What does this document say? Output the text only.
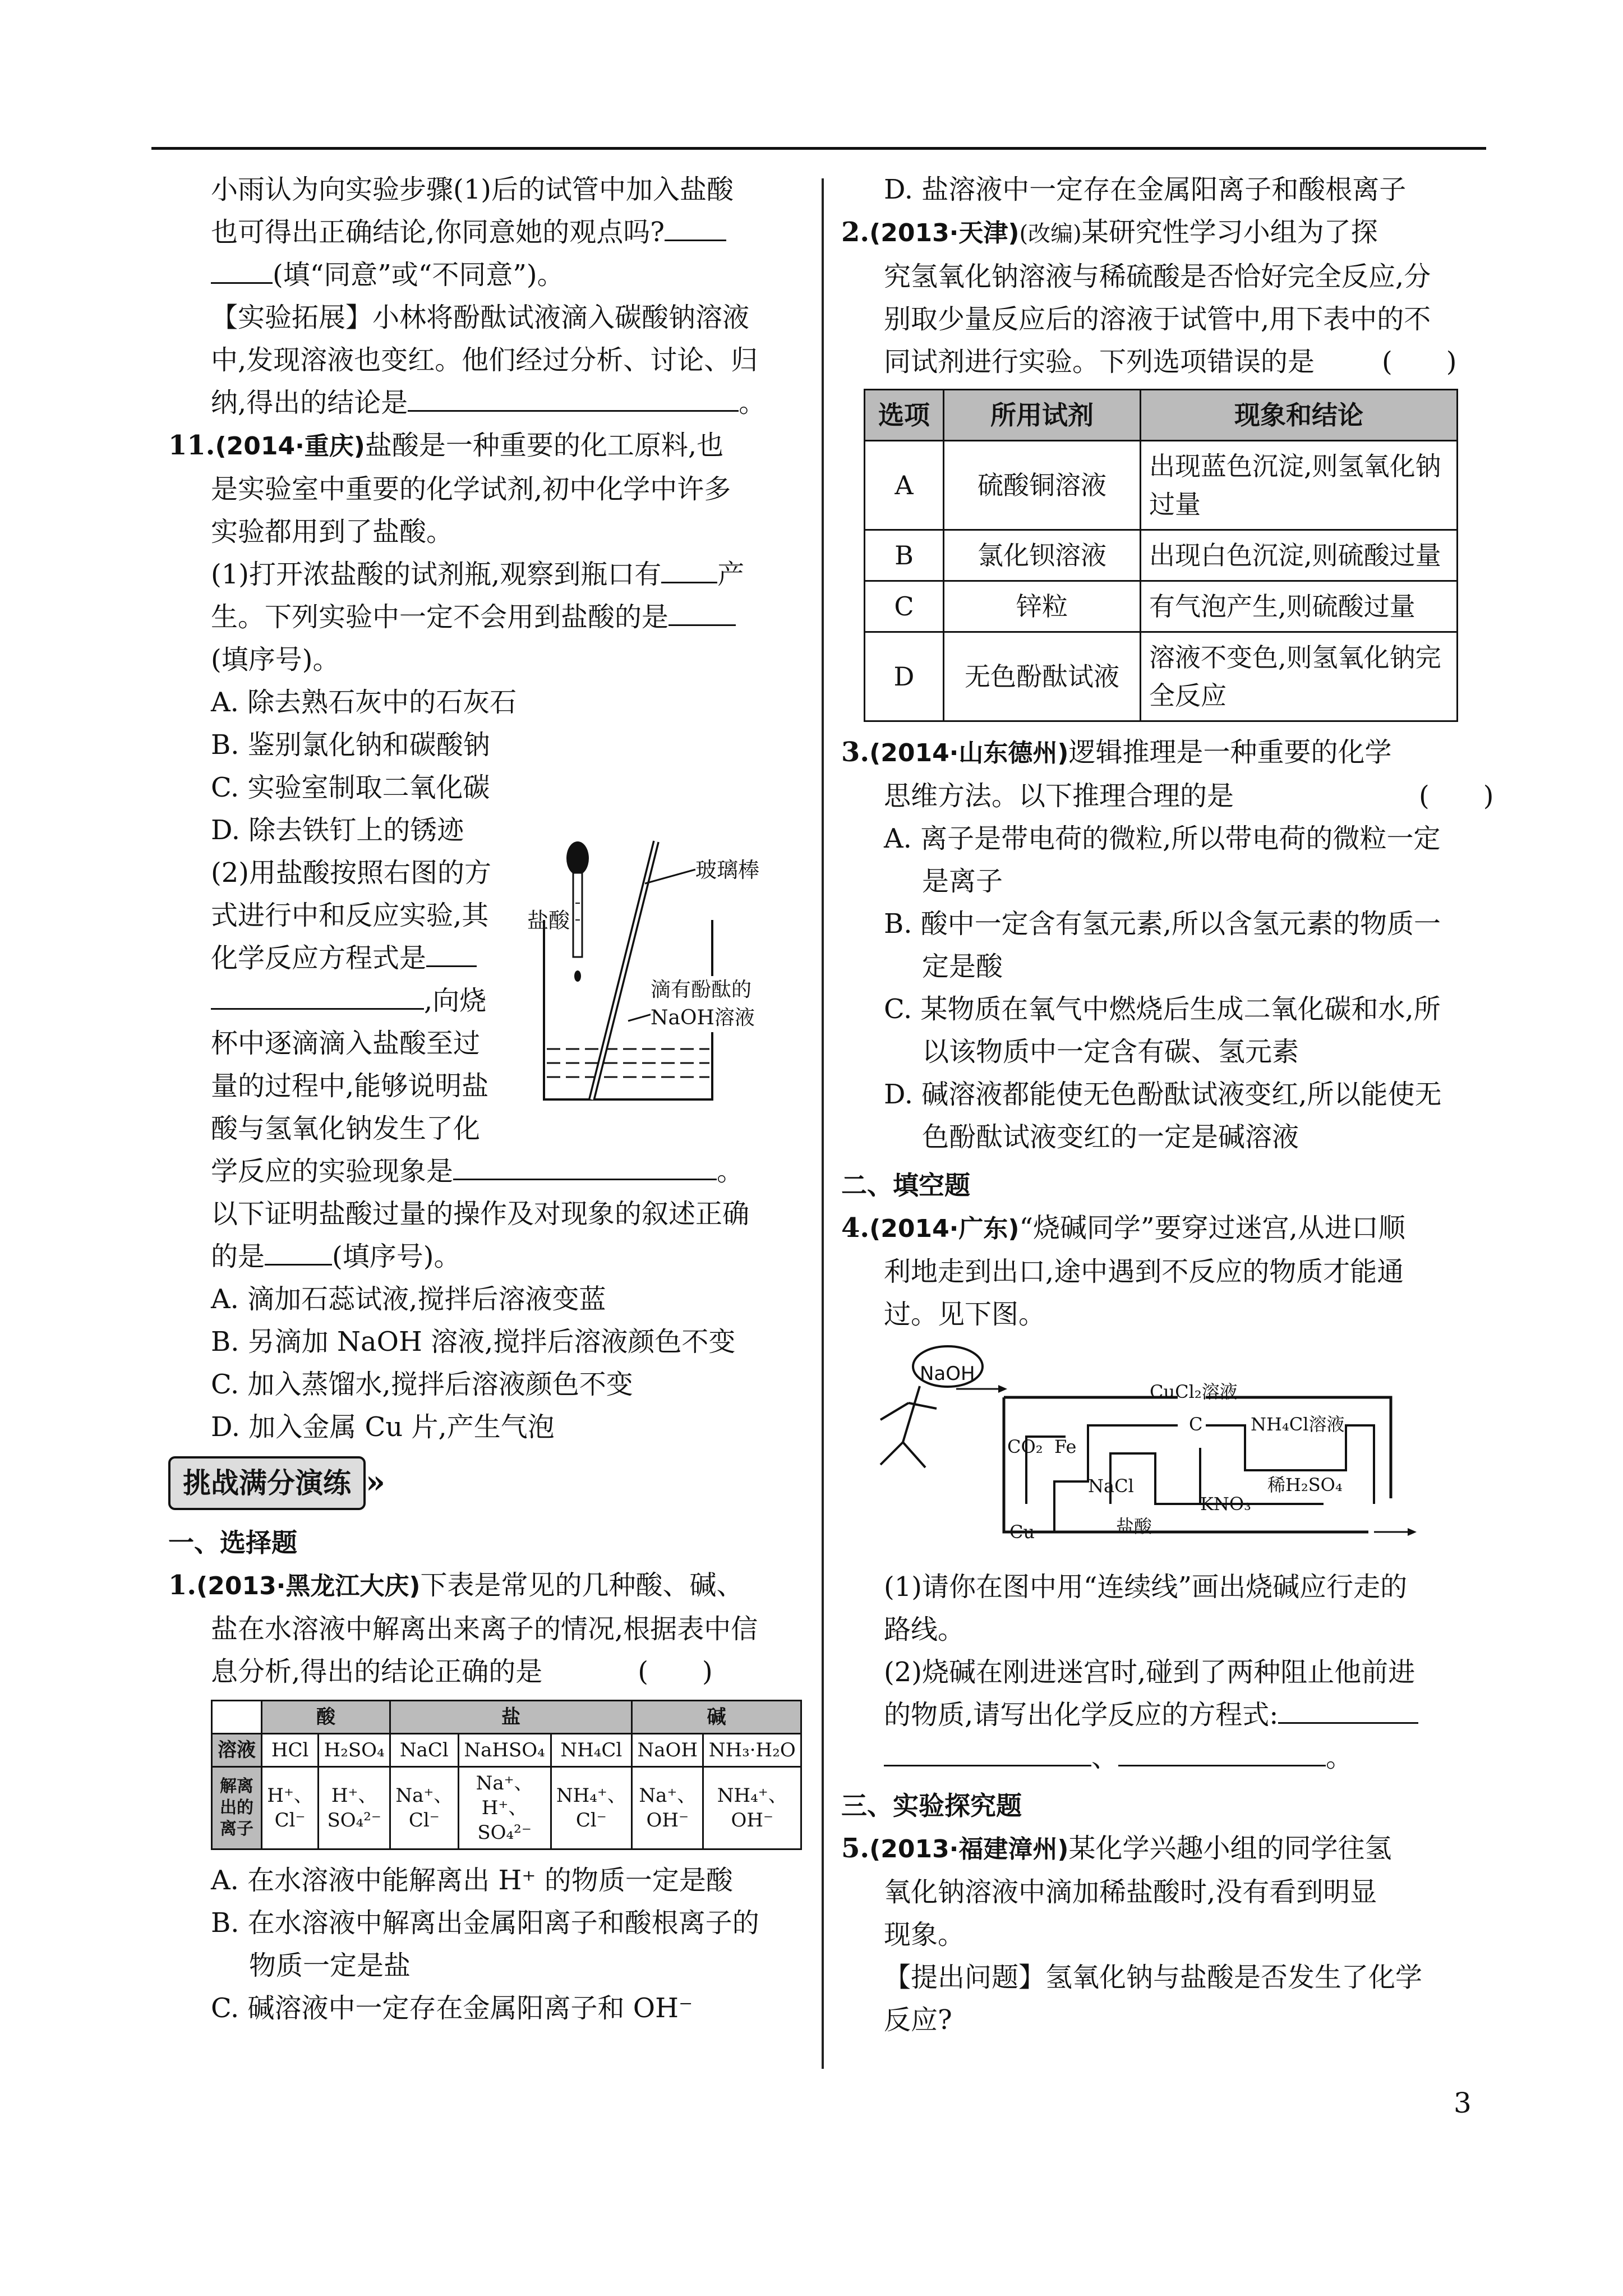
小雨认为向实验步骤(1)后的试管中加入盐酸
也可得出正确结论,你同意她的观点吗?
(填“同意”或“不同意”)。
【实验拓展】小林将酚酞试液滴入碳酸钠溶液
中,发现溶液也变红。他们经过分析、讨论、归
纳,得出的结论是	。
11.(2014·重庆)盐酸是一种重要的化工原料,也
是实验室中重要的化学试剂,初中化学中许多
实验都用到了盐酸。
(1)打开浓盐酸的试剂瓶,观察到瓶口有 产
生。下列实验中一定不会用到盐酸的是
(填序号)。
A. 除去熟石灰中的石灰石
B. 鉴别氯化钠和碳酸钠
C. 实验室制取二氧化碳
D. 除去铁钉上的锈迹
(2)用盐酸按照右图的方
式进行中和反应实验,其
化学反应方程式是
,向烧
杯中逐滴滴入盐酸至过
量的过程中,能够说明盐
酸与氢氧化钠发生了化
学反应的实验现象是	。
以下证明盐酸过量的操作及对现象的叙述正确
的是	(填序号)。
A. 滴加石蕊试液,搅拌后溶液变蓝
B. 另滴加 NaOH 溶液,搅拌后溶液颜色不变
C. 加入蒸馏水,搅拌后溶液颜色不变
D. 加入金属 Cu 片,产生气泡
挑战满分演练 »
一、选择题
1.(2013·黑龙江大庆)下表是常见的几种酸、碱、
盐在水溶液中解离出来离子的情况,根据表中信
息分析,得出的结论正确的是	(　　)
	酸		盐			碱	
溶液	HCl	H₂SO₄	NaCl	NaHSO₄	NH₄Cl	NaOH	NH₃·H₂O
解离出的离子	H⁺、Cl⁻	H⁺、SO₄²⁻	Na⁺、Cl⁻	Na⁺、H⁺、SO₄²⁻	NH₄⁺、Cl⁻	Na⁺、OH⁻	NH₄⁺、OH⁻
A. 在水溶液中能解离出 H⁺ 的物质一定是酸
B. 在水溶液中解离出金属阳离子和酸根离子的
物质一定是盐
C. 碱溶液中一定存在金属阳离子和 OH⁻
盐酸
玻璃棒
滴有酚酞的
NaOH溶液
D. 盐溶液中一定存在金属阳离子和酸根离子
2.(2013·天津)(改编)某研究性学习小组为了探
究氢氧化钠溶液与稀硫酸是否恰好完全反应,分
别取少量反应后的溶液于试管中,用下表中的不
同试剂进行实验。下列选项错误的是	(　　)
选项	所用试剂	现象和结论
A	硫酸铜溶液	出现蓝色沉淀,则氢氧化钠过量
B	氯化钡溶液	出现白色沉淀,则硫酸过量
C	锌粒	有气泡产生,则硫酸过量
D	无色酚酞试液	溶液不变色,则氢氧化钠完全反应
3.(2014·山东德州)逻辑推理是一种重要的化学
思维方法。以下推理合理的是	(　　)
A. 离子是带电荷的微粒,所以带电荷的微粒一定
是离子
B. 酸中一定含有氢元素,所以含氢元素的物质一
定是酸
C. 某物质在氧气中燃烧后生成二氧化碳和水,所
以该物质中一定含有碳、氢元素
D. 碱溶液都能使无色酚酞试液变红,所以能使无
色酚酞试液变红的一定是碱溶液
二、填空题
4.(2014·广东)“烧碱同学”要穿过迷宫,从进口顺
利地走到出口,途中遇到不反应的物质才能通
过。见下图。
NaOH
CuCl₂溶液
C	NH₄Cl溶液
CO₂ Fe
NaCl	稀H₂SO₄
KNO₃
盐酸
Cu
(1)请你在图中用“连续线”画出烧碱应行走的
路线。
(2)烧碱在刚进迷宫时,碰到了两种阻止他前进
的物质,请写出化学反应的方程式:
、	。
三、实验探究题
5.(2013·福建漳州)某化学兴趣小组的同学往氢
氧化钠溶液中滴加稀盐酸时,没有看到明显
现象。
【提出问题】氢氧化钠与盐酸是否发生了化学
反应?
3
